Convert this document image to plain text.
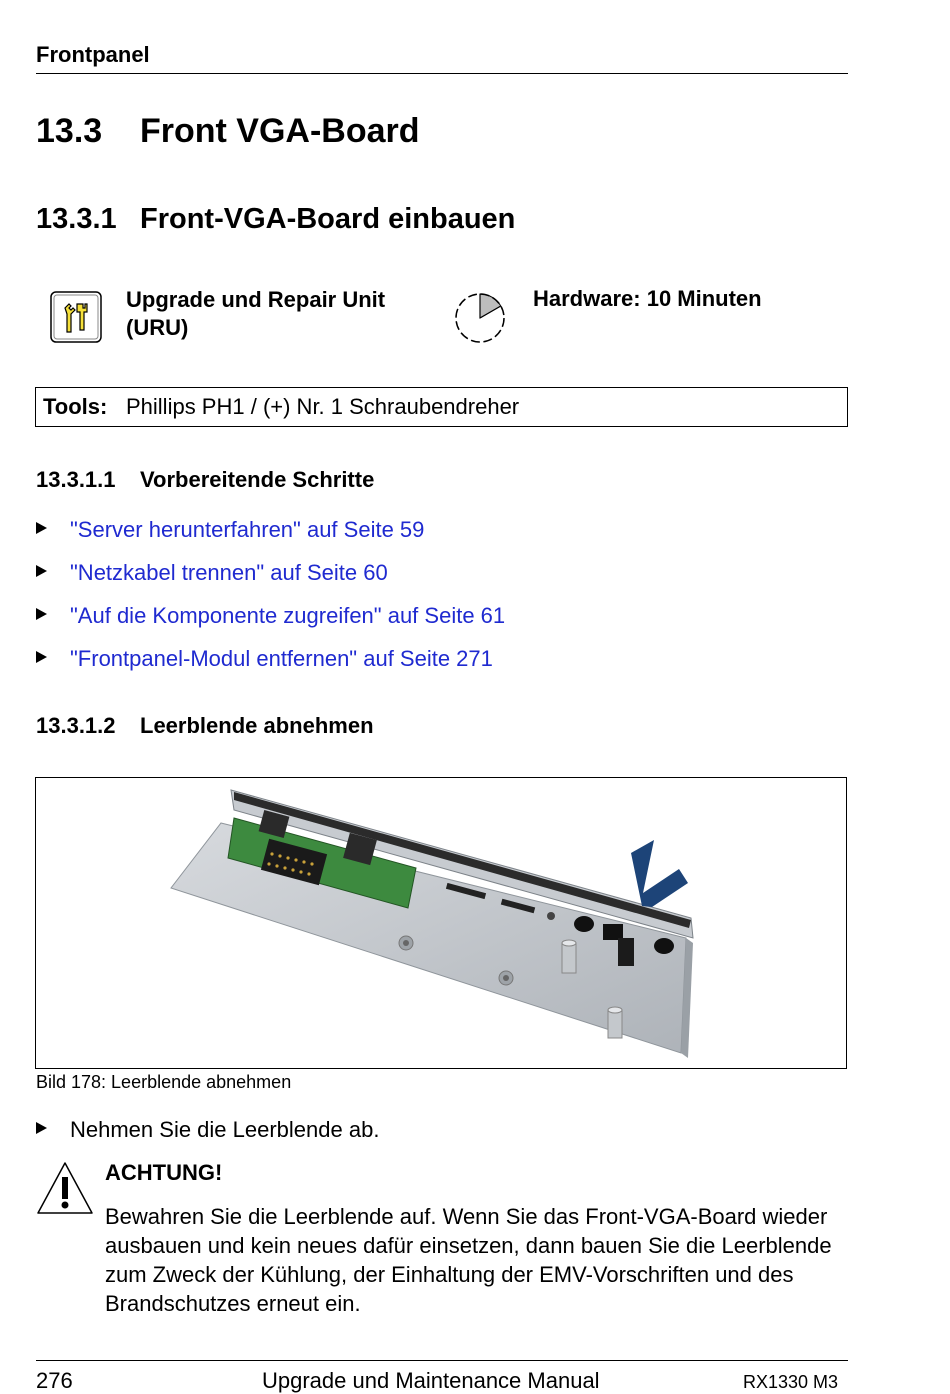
Frontpanel
13.3 Front VGA-Board
13.3.1 Front-VGA-Board einbauen
Upgrade und Repair Unit
(URU)
Hardware: 10 Minuten
Tools: Phillips PH1 / (+) Nr. 1 Schraubendreher
13.3.1.1 Vorbereitende Schritte
"Server herunterfahren" auf Seite 59
"Netzkabel trennen" auf Seite 60
"Auf die Komponente zugreifen" auf Seite 61
"Frontpanel-Modul entfernen" auf Seite 271
13.3.1.2 Leerblende abnehmen
Bild 178: Leerblende abnehmen
Nehmen Sie die Leerblende ab.
ACHTUNG!
Bewahren Sie die Leerblende auf. Wenn Sie das Front-VGA-Board wieder ausbauen und kein neues dafür einsetzen, dann bauen Sie die Leerblende zum Zweck der Kühlung, der Einhaltung der EMV-Vorschriften und des Brandschutzes erneut ein.
276	Upgrade und Maintenance Manual	RX1330 M3
